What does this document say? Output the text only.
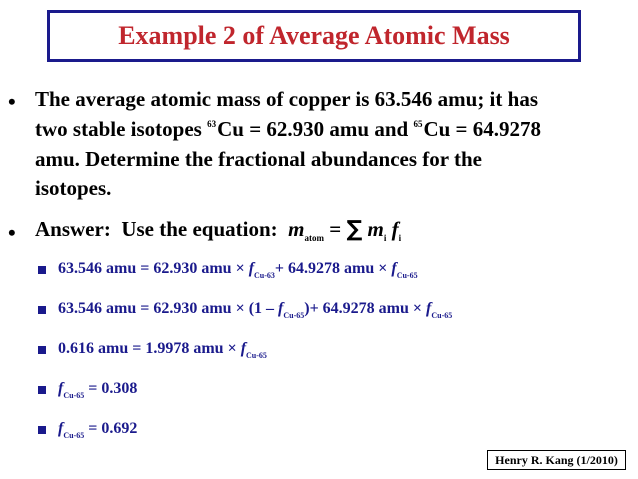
Example 2 of Average Atomic Mass
• The average atomic mass of copper is 63.546 amu; it has
two stable isotopes $^{63}$Cu = 62.930 amu and $^{65}$Cu = 64.9278
amu. Determine the fractional abundances for the
isotopes.
• Answer: Use the equation: $m_{atom}$ = ∑ $m_i$ $f_i$
63.546 amu = 62.930 amu × $f_{Cu-63}+ 64.9278$ amu × $f_{Cu-65}$
63.546 amu = 62.930 amu × $(1 - f_{Cu-65})+ 64.9278$ amu × $f_{Cu-65}$
0.616 amu = 1.9978 amu × $f_{Cu-65}$
$f_{Cu-65} = 0.308$
$f_{Cu-65} = 0.692$
Henry R. Kang (1/2010)
